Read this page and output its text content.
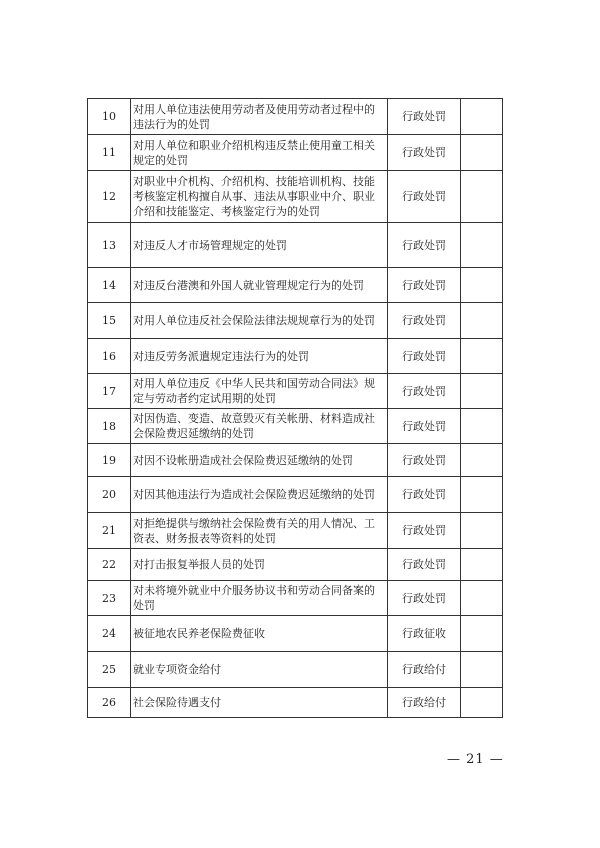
10	对用人单位违法使用劳动者及使用劳动者过程中的违法行为的处罚	行政处罚	
11	对用人单位和职业介绍机构违反禁止使用童工相关规定的处罚	行政处罚	
12	对职业中介机构、介绍机构、技能培训机构、技能考核鉴定机构擅自从事、违法从事职业中介、职业介绍和技能鉴定、考核鉴定行为的处罚	行政处罚	
13	对违反人才市场管理规定的处罚	行政处罚	
14	对违反台港澳和外国人就业管理规定行为的处罚	行政处罚	
15	对用人单位违反社会保险法律法规规章行为的处罚	行政处罚	
16	对违反劳务派遣规定违法行为的处罚	行政处罚	
17	对用人单位违反《中华人民共和国劳动合同法》规定与劳动者约定试用期的处罚	行政处罚	
18	对因伪造、变造、故意毁灭有关帐册、材料造成社会保险费迟延缴纳的处罚	行政处罚	
19	对因不设帐册造成社会保险费迟延缴纳的处罚	行政处罚	
20	对因其他违法行为造成社会保险费迟延缴纳的处罚	行政处罚	
21	对拒绝提供与缴纳社会保险费有关的用人情况、工资表、财务报表等资料的处罚	行政处罚	
22	对打击报复举报人员的处罚	行政处罚	
23	对未将境外就业中介服务协议书和劳动合同备案的处罚	行政处罚	
24	被征地农民养老保险费征收	行政征收	
25	就业专项资金给付	行政给付	
26	社会保险待遇支付	行政给付	
— 21 —
